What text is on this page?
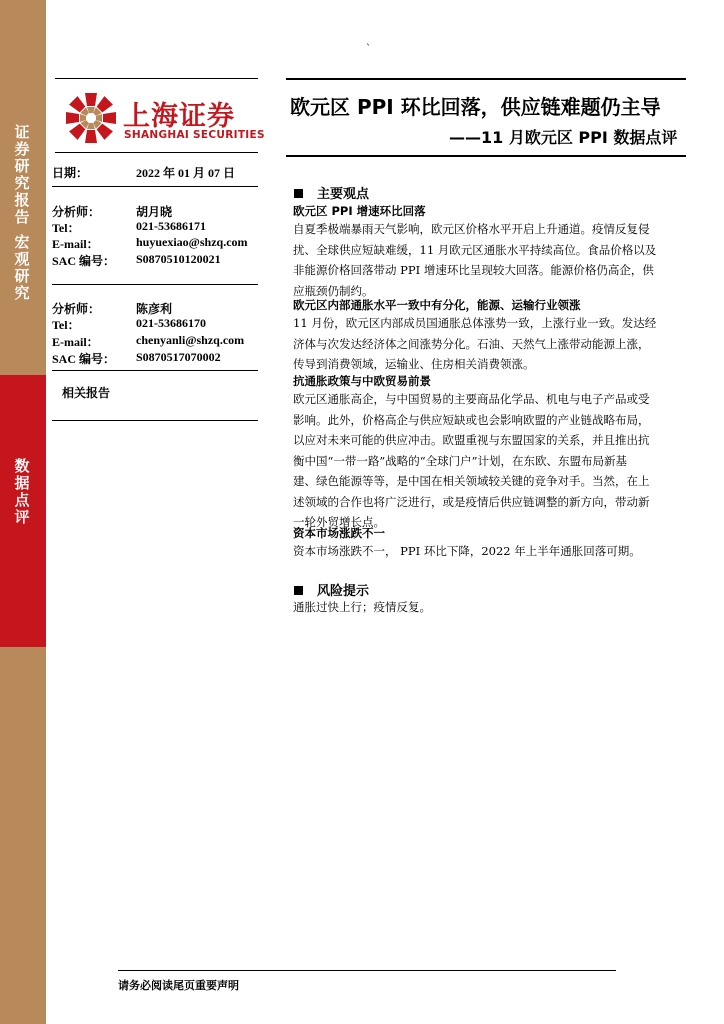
证
券
研
究
报
告

宏
观
研
究
数
据
点
评
`
上海证券
SHANGHAI SECURITIES
日期：	2022 年 01 月 07 日
分析师：	胡月晓
Tel：	021-53686171
E-mail：	huyuexiao@shzq.com
SAC 编号： S0870510120021
分析师：	陈彦利
Tel：	021-53686170
E-mail：	chenyanli@shzq.com
SAC 编号： S0870517070002
相关报告
欧元区 PPI 环比回落，供应链难题仍主导
——11 月欧元区 PPI 数据点评
主要观点
欧元区 PPI 增速环比回落
自夏季极端暴雨天气影响，欧元区价格水平开启上升通道。疫情反复侵
扰、全球供应短缺难缓，11 月欧元区通胀水平持续高位。食品价格以及
非能源价格回落带动 PPI 增速环比呈现较大回落。能源价格仍高企，供
应瓶颈仍制约。
欧元区内部通胀水平一致中有分化，能源、运输行业领涨
11 月份，欧元区内部成员国通胀总体涨势一致，上涨行业一致。发达经
济体与次发达经济体之间涨势分化。石油、天然气上涨带动能源上涨，
传导到消费领域，运输业、住房相关消费领涨。
抗通胀政策与中欧贸易前景
欧元区通胀高企，与中国贸易的主要商品化学品、机电与电子产品或受
影响。此外，价格高企与供应短缺或也会影响欧盟的产业链战略布局，
以应对未来可能的供应冲击。欧盟重视与东盟国家的关系，并且推出抗
衡中国“一带一路”战略的“全球门户”计划，在东欧、东盟布局新基
建、绿色能源等等，是中国在相关领域较关键的竞争对手。当然，在上
述领域的合作也将广泛进行，或是疫情后供应链调整的新方向，带动新
一轮外贸增长点。
资本市场涨跌不一
资本市场涨跌不一， PPI 环比下降，2022 年上半年通胀回落可期。
风险提示
通胀过快上行；疫情反复。
请务必阅读尾页重要声明
